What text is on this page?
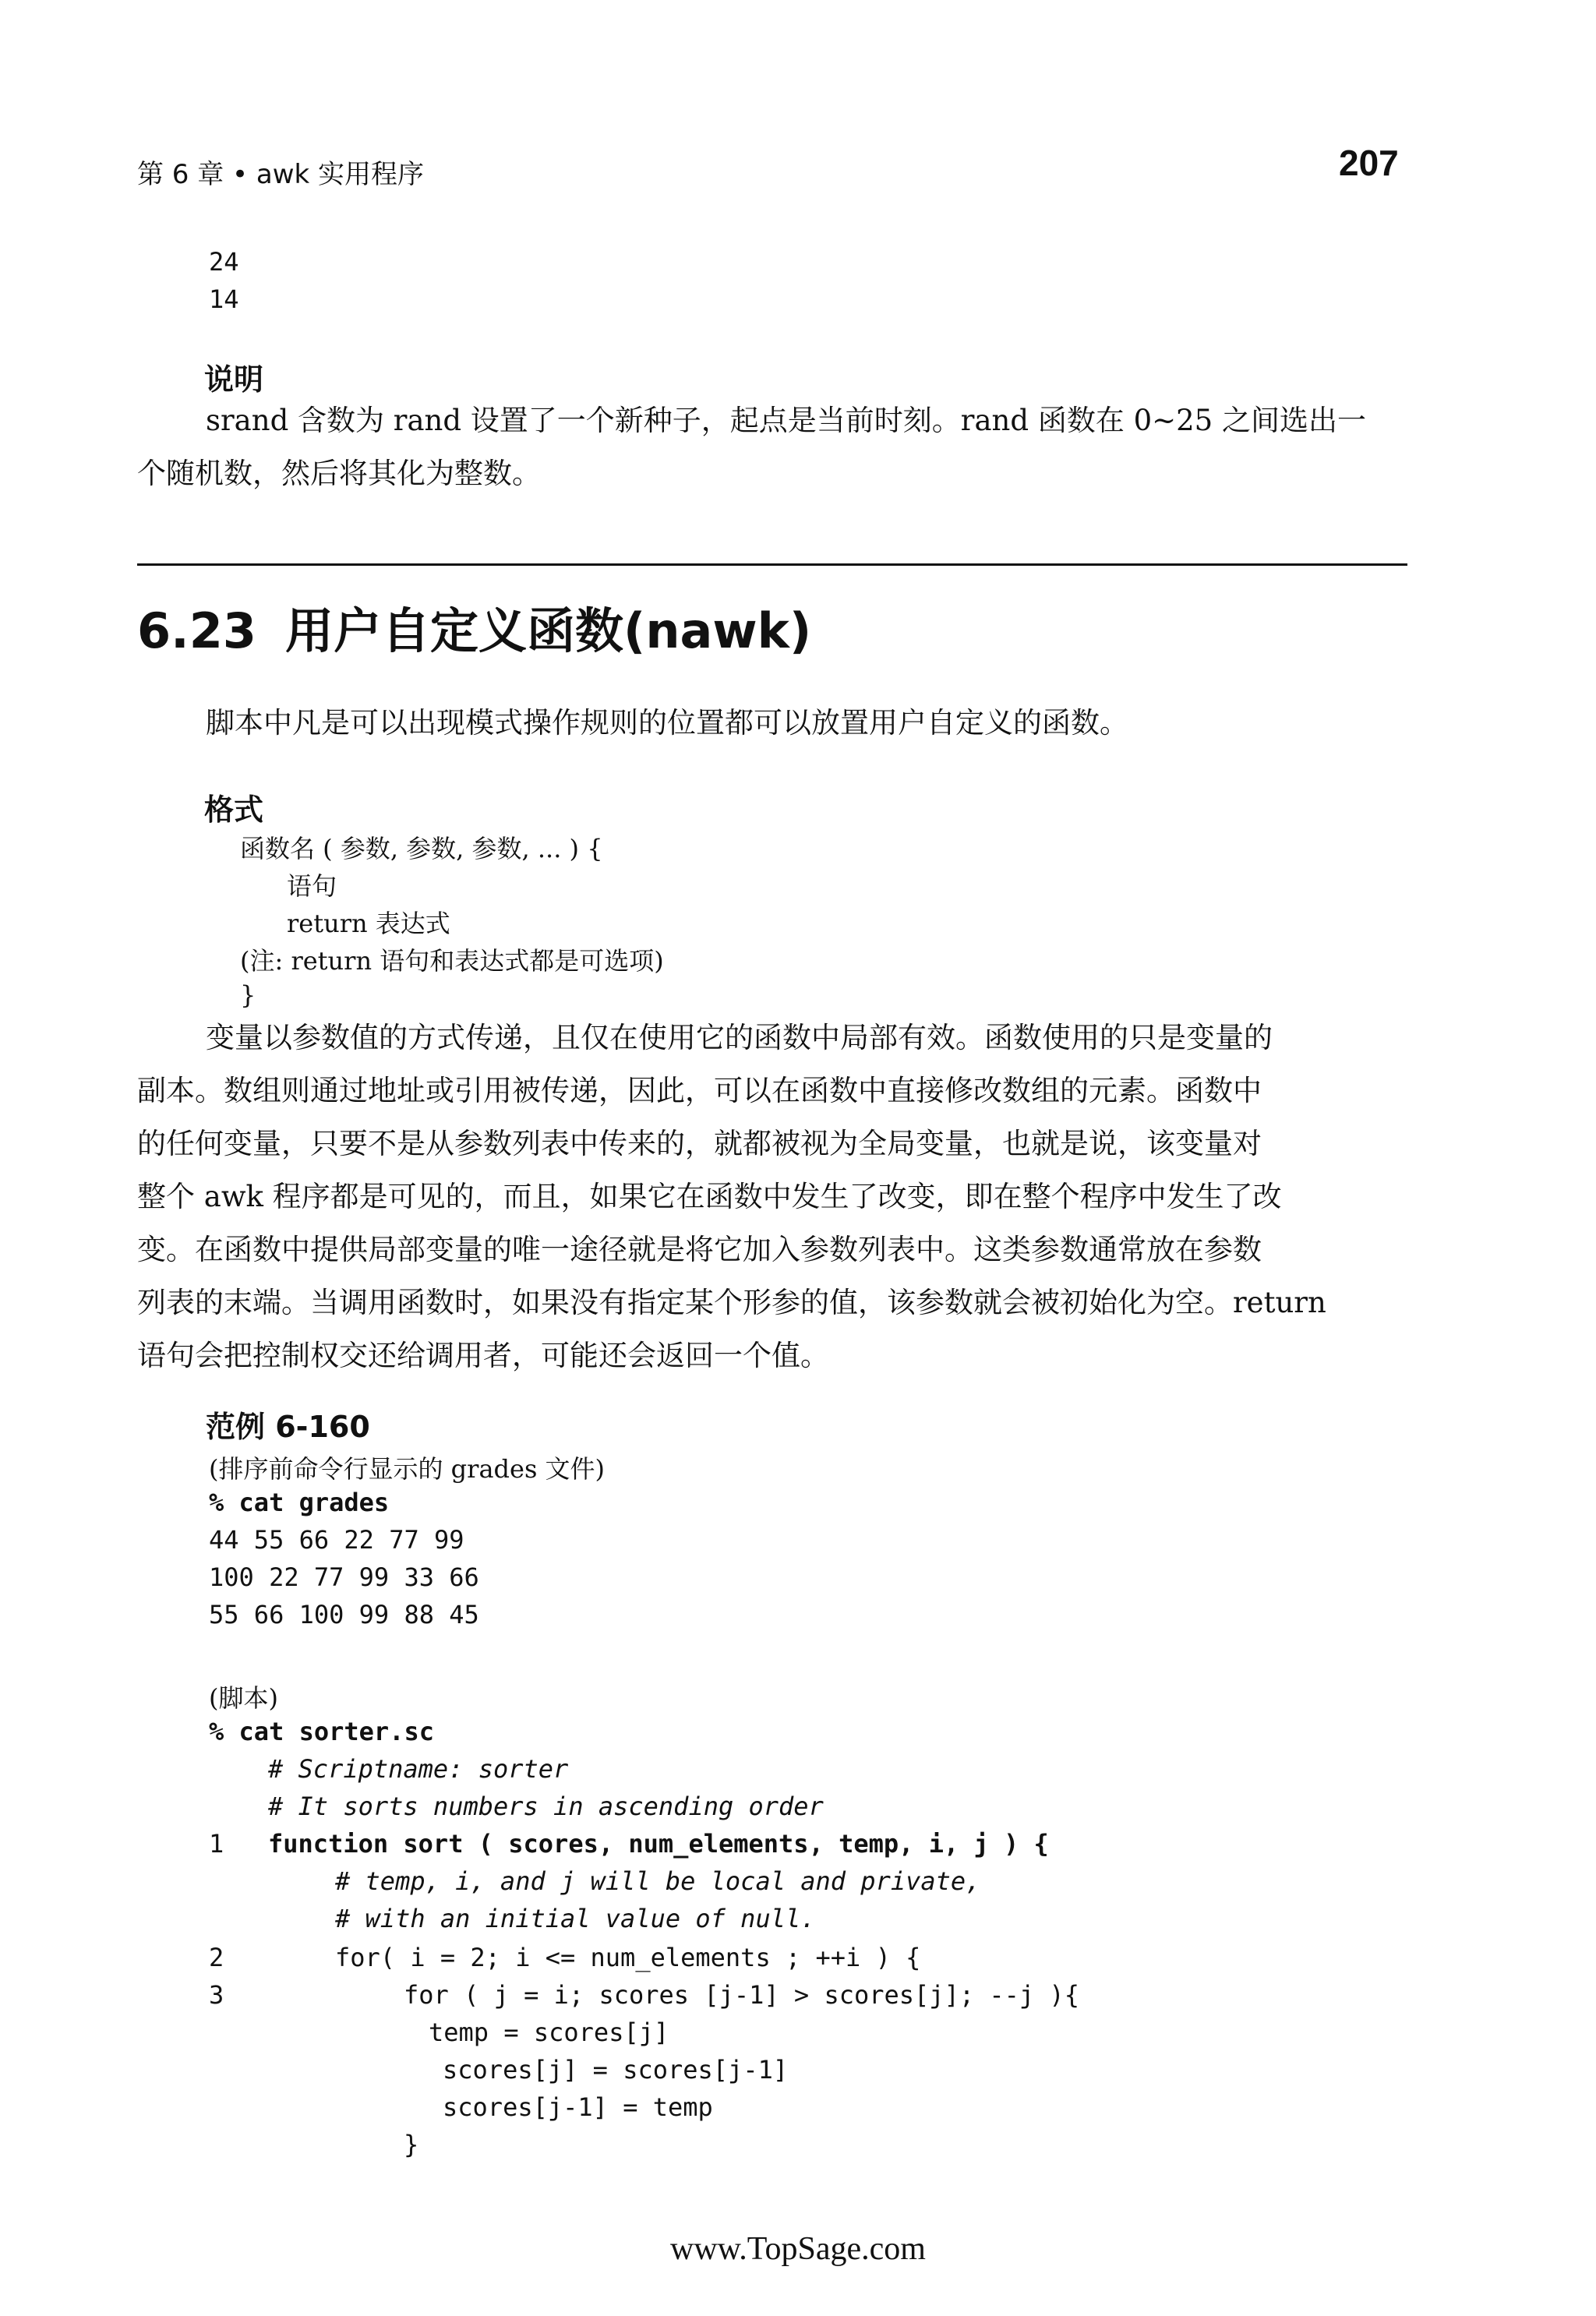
第 6 章 • awk 实用程序	207
24
14
说明
srand 含数为 rand 设置了一个新种子，起点是当前时刻。rand 函数在 0~25 之间选出一
个随机数，然后将其化为整数。
6.23 用户自定义函数(nawk)
脚本中凡是可以出现模式操作规则的位置都可以放置用户自定义的函数。
格式
函数名 ( 参数, 参数, 参数, ... ) {
语句
return 表达式
(注: return 语句和表达式都是可选项)
}
变量以参数值的方式传递，且仅在使用它的函数中局部有效。函数使用的只是变量的
副本。数组则通过地址或引用被传递，因此，可以在函数中直接修改数组的元素。函数中
的任何变量，只要不是从参数列表中传来的，就都被视为全局变量，也就是说，该变量对
整个 awk 程序都是可见的，而且，如果它在函数中发生了改变，即在整个程序中发生了改
变。在函数中提供局部变量的唯一途径就是将它加入参数列表中。这类参数通常放在参数
列表的末端。当调用函数时，如果没有指定某个形参的值，该参数就会被初始化为空。return
语句会把控制权交还给调用者，可能还会返回一个值。
范例 6-160
(排序前命令行显示的 grades 文件)
% cat grades
44 55 66 22 77 99
100 22 77 99 33 66
55 66 100 99 88 45
(脚本)
% cat sorter.sc
# Scriptname: sorter
# It sorts numbers in ascending order
1 function sort ( scores, num_elements, temp, i, j ) {
# temp, i, and j will be local and private,
# with an initial value of null.
2	for( i = 2; i <= num_elements ; ++i ) {
3	for ( j = i; scores [j-1] > scores[j]; --j ){
temp = scores[j]
scores[j] = scores[j-1]
scores[j-1] = temp
}
www.TopSage.com
